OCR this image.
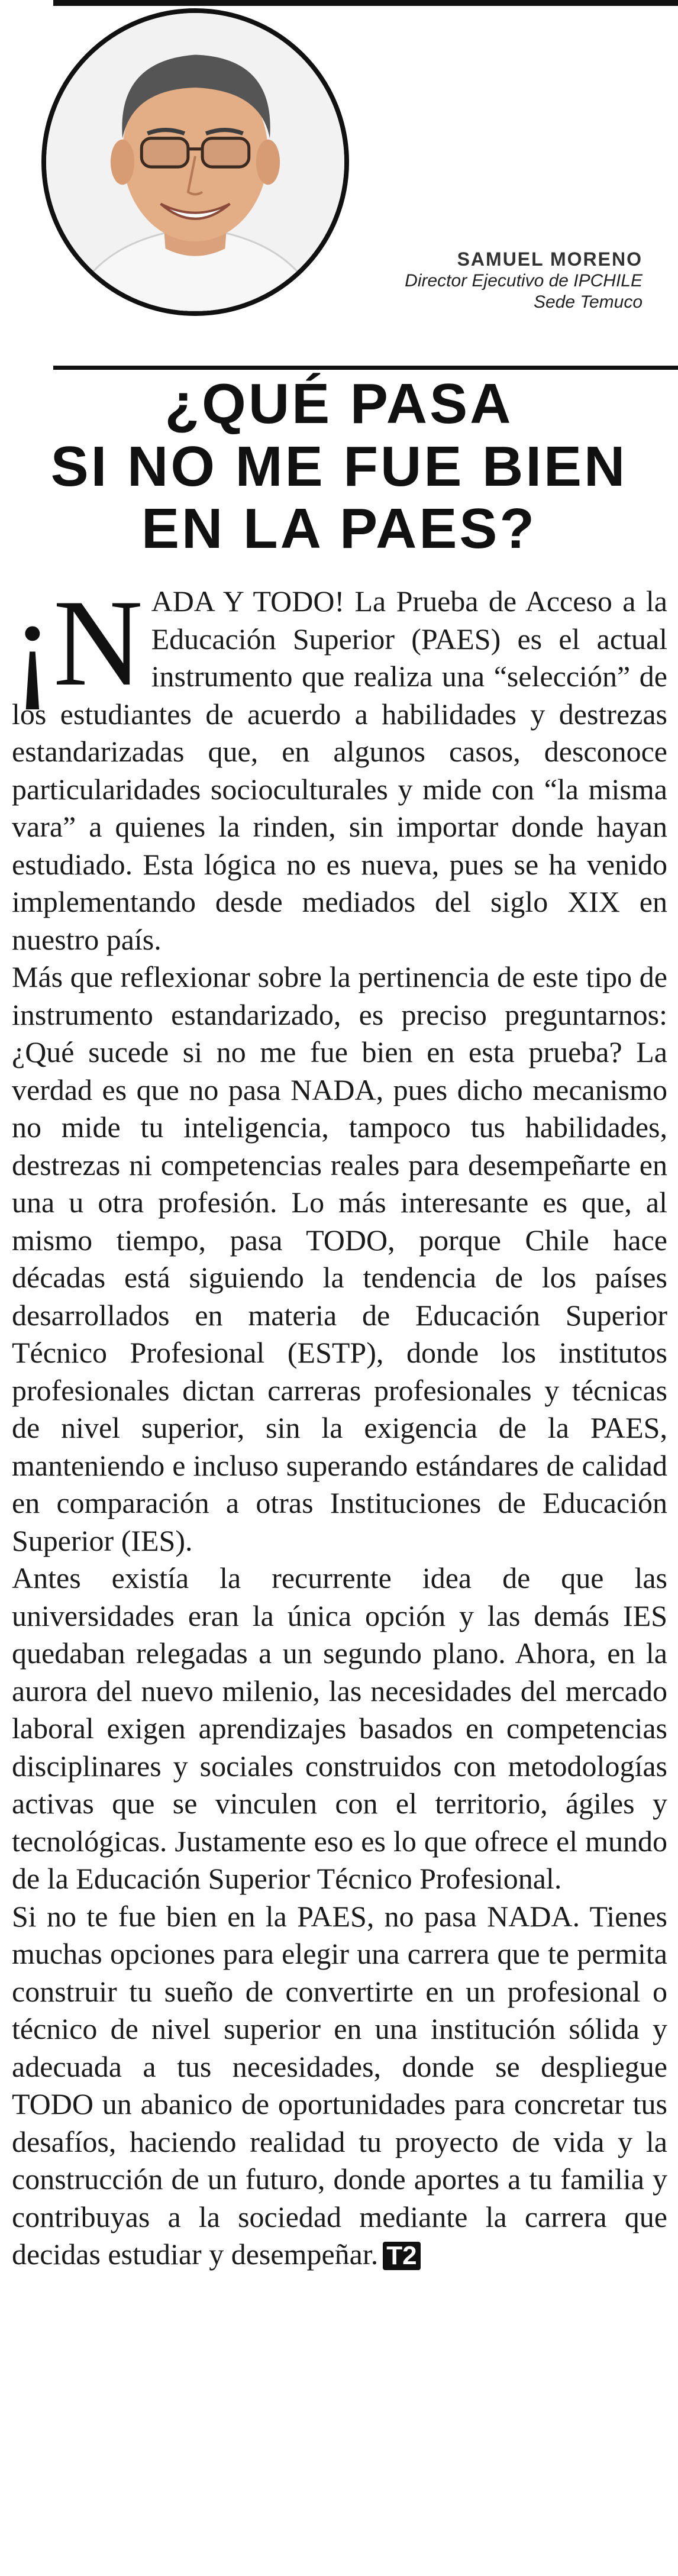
SAMUEL MORENO
Director Ejecutivo de IPCHILE
Sede Temuco
¿QUÉ PASA
SI NO ME FUE BIEN
EN LA PAES?

¡N ADA Y TODO! La Prueba de Acceso a la Educación Superior (PAES) es el actual instrumento que realiza una “selección” de los estudiantes de acuerdo a habilidades y destrezas estandarizadas que, en algunos casos, desconoce particularidades socioculturales y mide con “la misma vara” a quienes la rinden, sin importar donde hayan estudiado. Esta lógica no es nueva, pues se ha venido implementando desde mediados del siglo XIX en nuestro país.

Más que reflexionar sobre la pertinencia de este tipo de instrumento estandarizado, es preciso preguntarnos: ¿Qué sucede si no me fue bien en esta prueba? La verdad es que no pasa NADA, pues dicho mecanismo no mide tu inteligencia, tampoco tus habilidades, destrezas ni competencias reales para desempeñarte en una u otra profesión. Lo más interesante es que, al mismo tiempo, pasa TODO, porque Chile hace décadas está siguiendo la tendencia de los países desarrollados en materia de Educación Superior Técnico Profesional (ESTP), donde los institutos profesionales dictan carreras profesionales y técnicas de nivel superior, sin la exigencia de la PAES, manteniendo e incluso superando estándares de calidad en comparación a otras Instituciones de Educación Superior (IES).

Antes existía la recurrente idea de que las universidades eran la única opción y las demás IES quedaban relegadas a un segundo plano. Ahora, en la aurora del nuevo milenio, las necesidades del mercado laboral exigen aprendizajes basados en competencias disciplinares y sociales construidos con metodologías activas que se vinculen con el territorio, ágiles y tecnológicas. Justamente eso es lo que ofrece el mundo de la Educación Superior Técnico Profesional.

Si no te fue bien en la PAES, no pasa NADA. Tienes muchas opciones para elegir una carrera que te permita construir tu sueño de convertirte en un profesional o técnico de nivel superior en una institución sólida y adecuada a tus necesidades, donde se despliegue TODO un abanico de oportunidades para concretar tus desafíos, haciendo realidad tu proyecto de vida y la construcción de un futuro, donde aportes a tu familia y contribuyas a la sociedad mediante la carrera que decidas estudiar y desempeñar. T2
